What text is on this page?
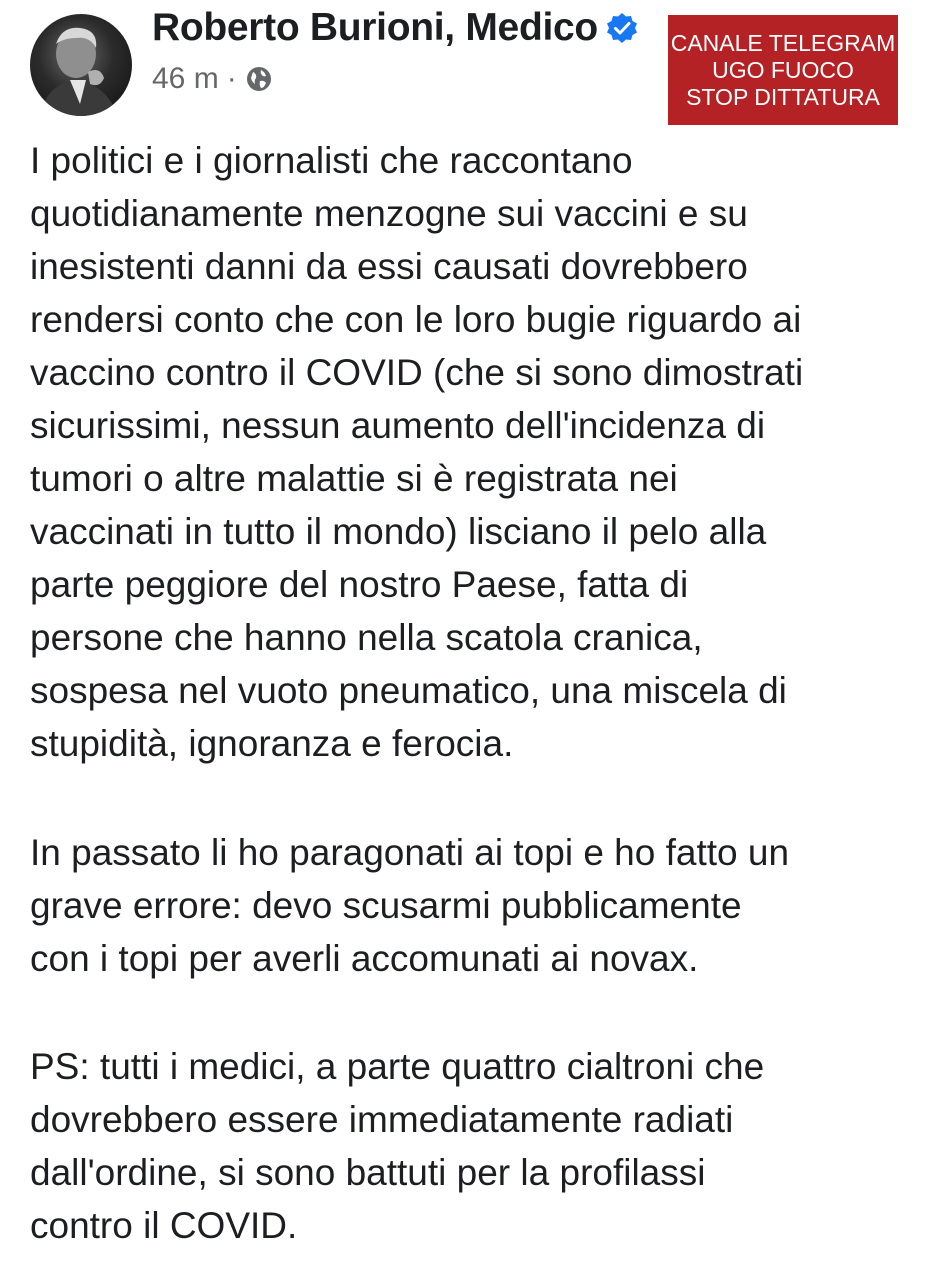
Roberto Burioni, Medico
46 m ·
CANALE TELEGRAM
UGO FUOCO
STOP DITTATURA
I politici e i giornalisti che raccontano
quotidianamente menzogne sui vaccini e su
inesistenti danni da essi causati dovrebbero
rendersi conto che con le loro bugie riguardo ai
vaccino contro il COVID (che si sono dimostrati
sicurissimi, nessun aumento dell'incidenza di
tumori o altre malattie si è registrata nei
vaccinati in tutto il mondo) lisciano il pelo alla
parte peggiore del nostro Paese, fatta di
persone che hanno nella scatola cranica,
sospesa nel vuoto pneumatico, una miscela di
stupidità, ignoranza e ferocia.
In passato li ho paragonati ai topi e ho fatto un
grave errore: devo scusarmi pubblicamente
con i topi per averli accomunati ai novax.
PS: tutti i medici, a parte quattro cialtroni che
dovrebbero essere immediatamente radiati
dall'ordine, si sono battuti per la profilassi
contro il COVID.
